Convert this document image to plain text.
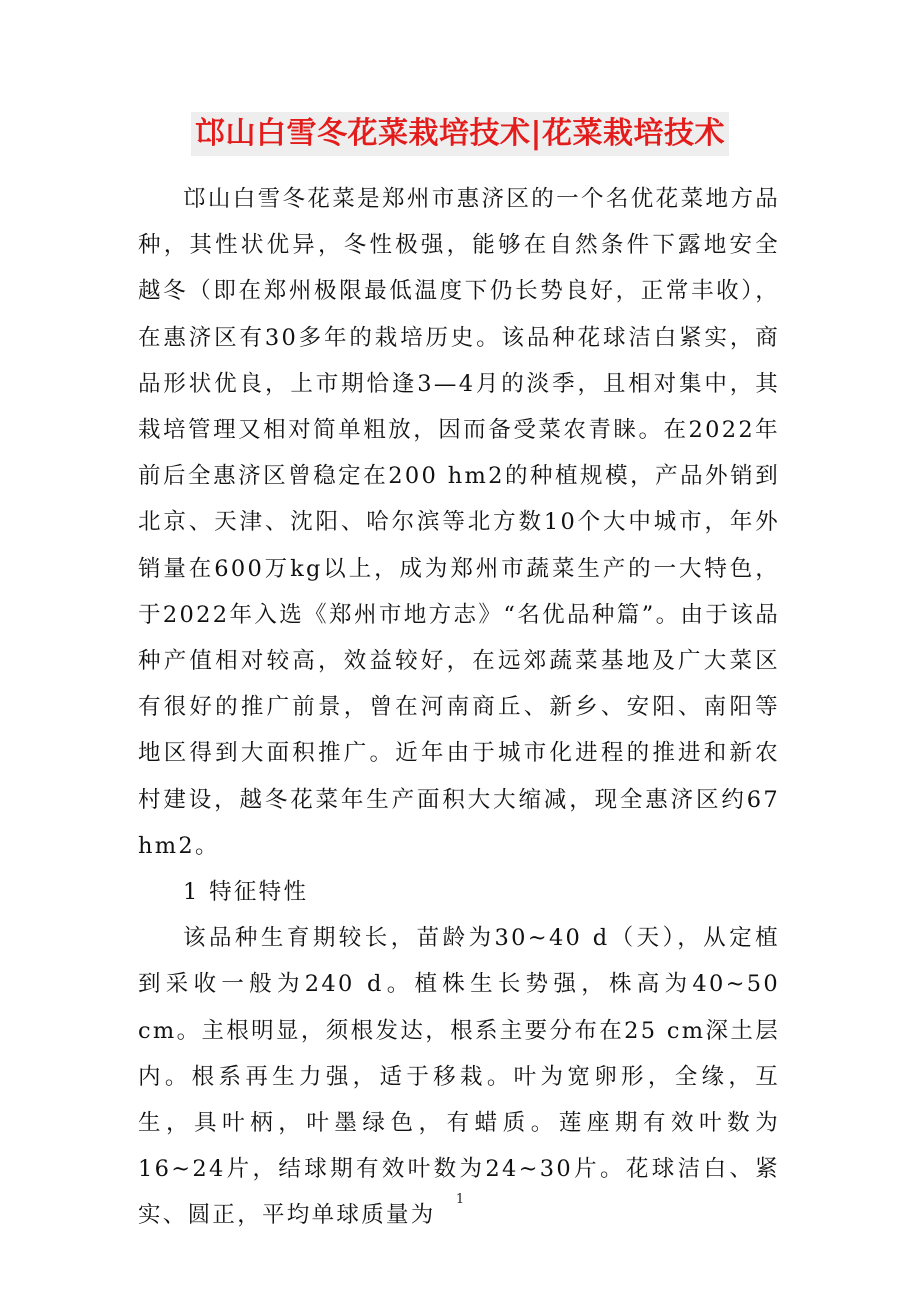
邙山白雪冬花菜栽培技术|花菜栽培技术

邙山白雪冬花菜是郑州市惠济区的一个名优花菜地方品种，其性状优异，冬性极强，能够在自然条件下露地安全越冬（即在郑州极限最低温度下仍长势良好，正常丰收），在惠济区有30多年的栽培历史。该品种花球洁白紧实，商品形状优良，上市期恰逢3—4月的淡季，且相对集中，其栽培管理又相对简单粗放，因而备受菜农青睐。在2022年前后全惠济区曾稳定在200 hm2的种植规模，产品外销到北京、天津、沈阳、哈尔滨等北方数10个大中城市，年外销量在600万kg以上，成为郑州市蔬菜生产的一大特色，于2022年入选《郑州市地方志》“名优品种篇”。由于该品种产值相对较高，效益较好，在远郊蔬菜基地及广大菜区有很好的推广前景，曾在河南商丘、新乡、安阳、南阳等地区得到大面积推广。近年由于城市化进程的推进和新农村建设，越冬花菜年生产面积大大缩减，现全惠济区约67 hm2。

1 特征特性

该品种生育期较长，苗龄为30~40 d（天），从定植到采收一般为240 d。植株生长势强，株高为40~50 cm。主根明显，须根发达，根系主要分布在25 cm深土层内。根系再生力强，适于移栽。叶为宽卵形，全缘，互生，具叶柄，叶墨绿色，有蜡质。莲座期有效叶数为16~24片，结球期有效叶数为24~30片。花球洁白、紧实、圆正，平均单球质量为

1
